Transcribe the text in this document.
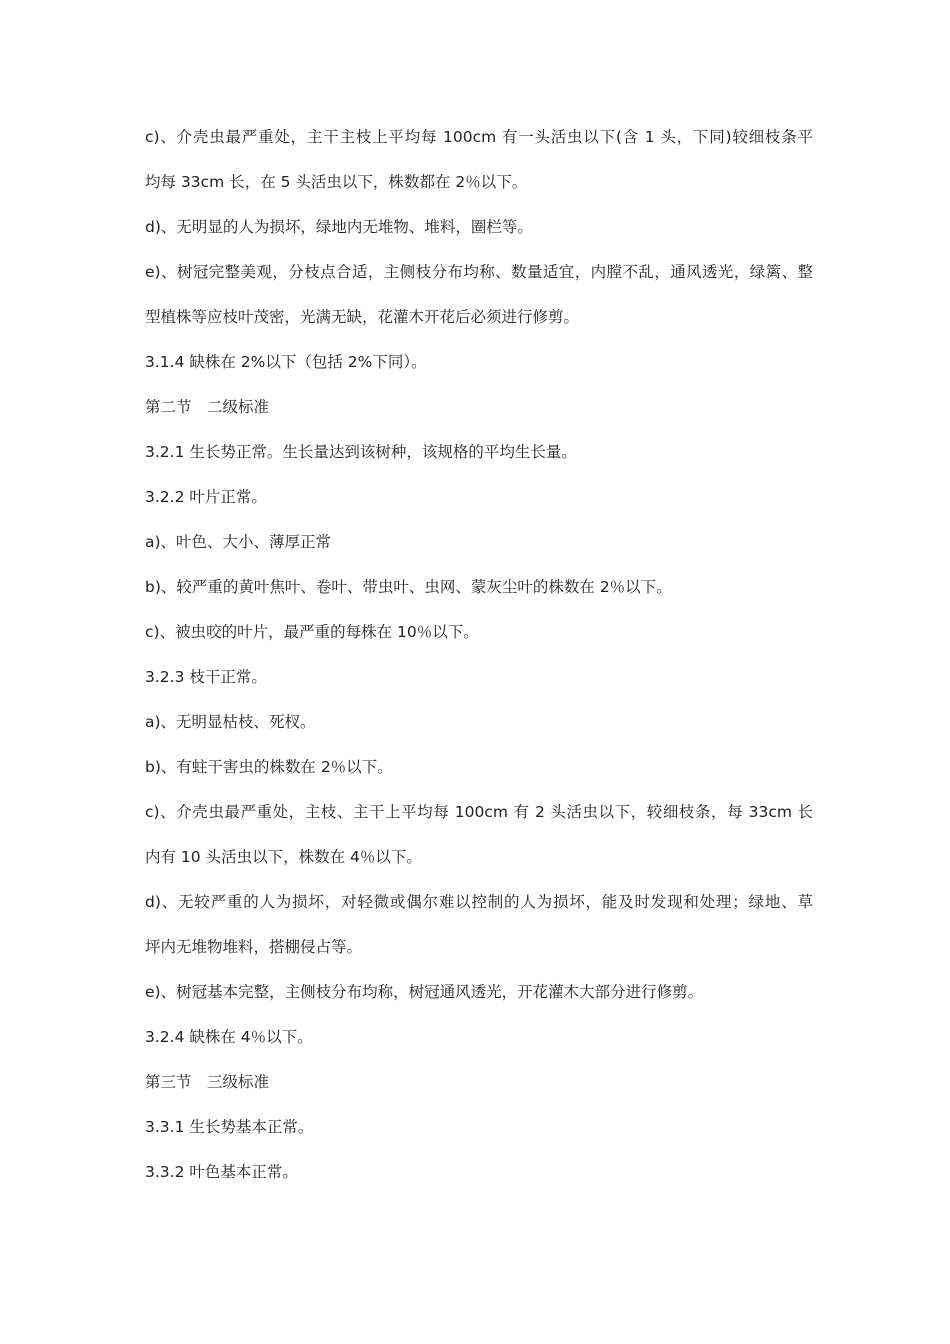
c)、介壳虫最严重处，主干主枝上平均每 100cm 有一头活虫以下(含 1 头，下同)较细枝条平
均每 33cm 长，在 5 头活虫以下，株数都在 2％以下。
d)、无明显的人为损坏，绿地内无堆物、堆料，圈栏等。
e)、树冠完整美观，分枝点合适，主侧枝分布均称、数量适宜，内膛不乱，通风透光，绿篱、整
型植株等应枝叶茂密，光满无缺，花灌木开花后必须进行修剪。
3.1.4 缺株在 2%以下（包括 2%下同）。
第二节　二级标准
3.2.1 生长势正常。生长量达到该树种，该规格的平均生长量。
3.2.2 叶片正常。
a)、叶色、大小、薄厚正常
b)、较严重的黄叶焦叶、卷叶、带虫叶、虫网、蒙灰尘叶的株数在 2％以下。
c)、被虫咬的叶片，最严重的每株在 10％以下。
3.2.3 枝干正常。
a)、无明显枯枝、死杈。
b)、有蛀干害虫的株数在 2％以下。
c)、介壳虫最严重处，主枝、主干上平均每 100cm 有 2 头活虫以下，较细枝条，每 33cm 长
内有 10 头活虫以下，株数在 4％以下。
d)、无较严重的人为损坏，对轻微或偶尔难以控制的人为损坏，能及时发现和处理；绿地、草
坪内无堆物堆料，搭棚侵占等。
e)、树冠基本完整，主侧枝分布均称，树冠通风透光，开花灌木大部分进行修剪。
3.2.4 缺株在 4％以下。
第三节　三级标准
3.3.1 生长势基本正常。
3.3.2 叶色基本正常。
